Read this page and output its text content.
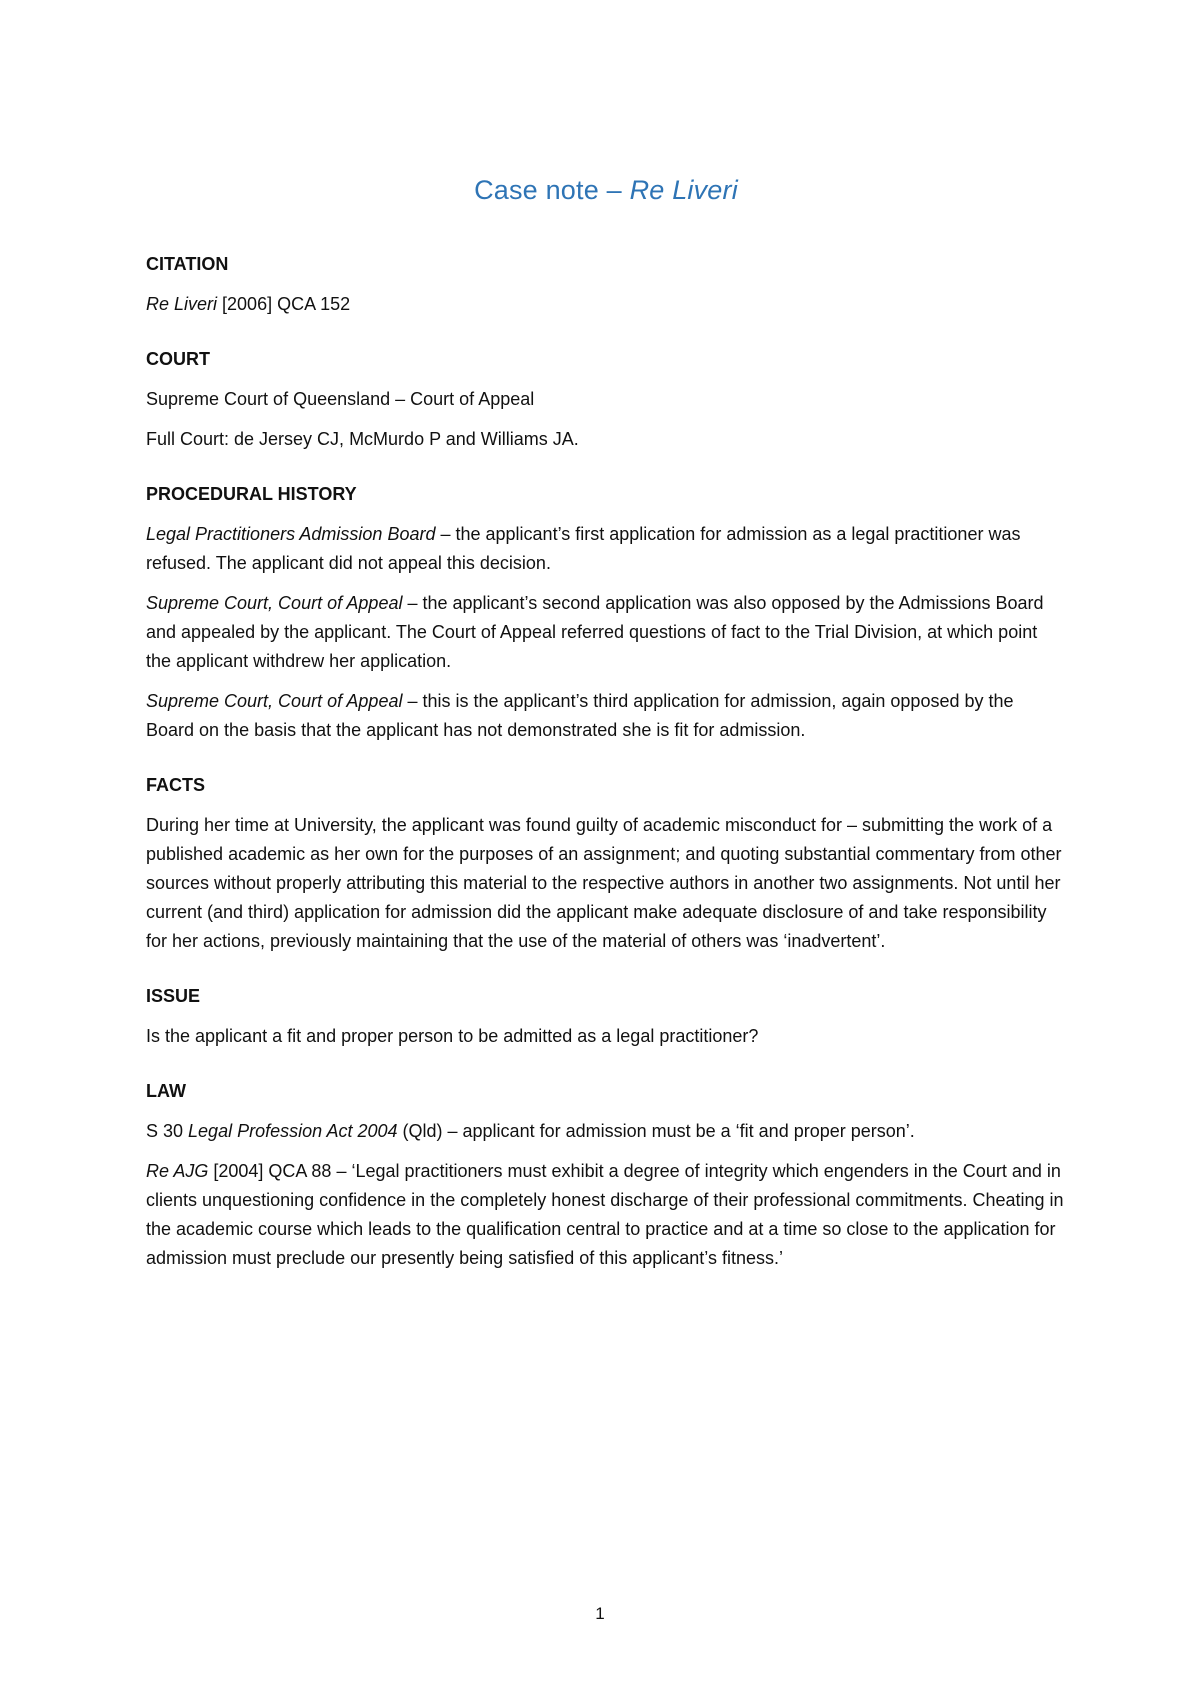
Case note – Re Liveri
CITATION

Re Liveri [2006] QCA 152

COURT

Supreme Court of Queensland – Court of Appeal

Full Court: de Jersey CJ, McMurdo P and Williams JA.

PROCEDURAL HISTORY

Legal Practitioners Admission Board – the applicant’s first application for admission as a legal practitioner was refused. The applicant did not appeal this decision.

Supreme Court, Court of Appeal – the applicant’s second application was also opposed by the Admissions Board and appealed by the applicant. The Court of Appeal referred questions of fact to the Trial Division, at which point the applicant withdrew her application.

Supreme Court, Court of Appeal – this is the applicant’s third application for admission, again opposed by the Board on the basis that the applicant has not demonstrated she is fit for admission.

FACTS

During her time at University, the applicant was found guilty of academic misconduct for – submitting the work of a published academic as her own for the purposes of an assignment; and quoting substantial commentary from other sources without properly attributing this material to the respective authors in another two assignments. Not until her current (and third) application for admission did the applicant make adequate disclosure of and take responsibility for her actions, previously maintaining that the use of the material of others was ‘inadvertent’.

ISSUE

Is the applicant a fit and proper person to be admitted as a legal practitioner?

LAW

S 30 Legal Profession Act 2004 (Qld) – applicant for admission must be a ‘fit and proper person’.

Re AJG [2004] QCA 88 – ‘Legal practitioners must exhibit a degree of integrity which engenders in the Court and in clients unquestioning confidence in the completely honest discharge of their professional commitments. Cheating in the academic course which leads to the qualification central to practice and at a time so close to the application for admission must preclude our presently being satisfied of this applicant’s fitness.’

1
